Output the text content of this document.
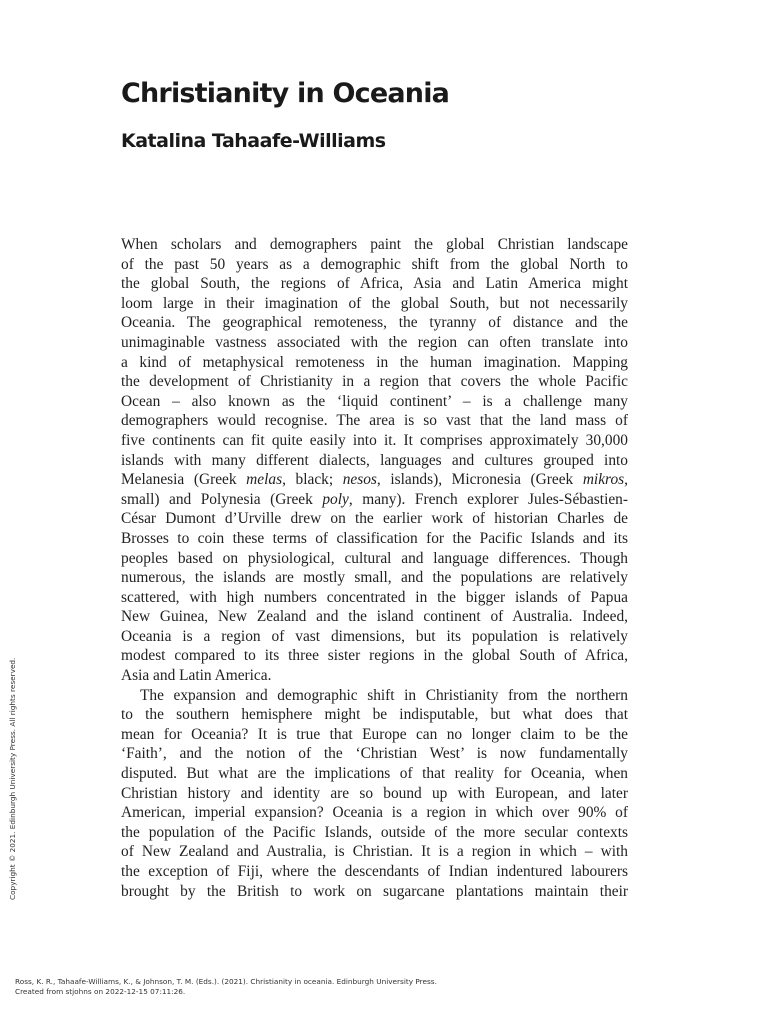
Christianity in Oceania
Katalina Tahaafe-Williams
When scholars and demographers paint the global Christian landscape
of the past 50 years as a demographic shift from the global North to
the global South, the regions of Africa, Asia and Latin America might
loom large in their imagination of the global South, but not necessarily
Oceania. The geographical remoteness, the tyranny of distance and the
unimaginable vastness associated with the region can often translate into
a kind of metaphysical remoteness in the human imagination. Mapping
the development of Christianity in a region that covers the whole Pacific
Ocean – also known as the ‘liquid continent’ – is a challenge many
demographers would recognise. The area is so vast that the land mass of
five continents can fit quite easily into it. It comprises approximately 30,000
islands with many different dialects, languages and cultures grouped into
Melanesia (Greek melas, black; nesos, islands), Micronesia (Greek mikros,
small) and Polynesia (Greek poly, many). French explorer Jules-Sébastien-
César Dumont d’Urville drew on the earlier work of historian Charles de
Brosses to coin these terms of classification for the Pacific Islands and its
peoples based on physiological, cultural and language differences. Though
numerous, the islands are mostly small, and the populations are relatively
scattered, with high numbers concentrated in the bigger islands of Papua
New Guinea, New Zealand and the island continent of Australia. Indeed,
Oceania is a region of vast dimensions, but its population is relatively
modest compared to its three sister regions in the global South of Africa,
Asia and Latin America.
The expansion and demographic shift in Christianity from the northern
to the southern hemisphere might be indisputable, but what does that
mean for Oceania? It is true that Europe can no longer claim to be the
‘Faith’, and the notion of the ‘Christian West’ is now fundamentally
disputed. But what are the implications of that reality for Oceania, when
Christian history and identity are so bound up with European, and later
American, imperial expansion? Oceania is a region in which over 90% of
the population of the Pacific Islands, outside of the more secular contexts
of New Zealand and Australia, is Christian. It is a region in which – with
the exception of Fiji, where the descendants of Indian indentured labourers
brought by the British to work on sugarcane plantations maintain their
Copyright © 2021. Edinburgh University Press. All rights reserved.
Ross, K. R., Tahaafe-Williams, K., & Johnson, T. M. (Eds.). (2021). Christianity in oceania. Edinburgh University Press.
Created from stjohns on 2022-12-15 07:11:26.
